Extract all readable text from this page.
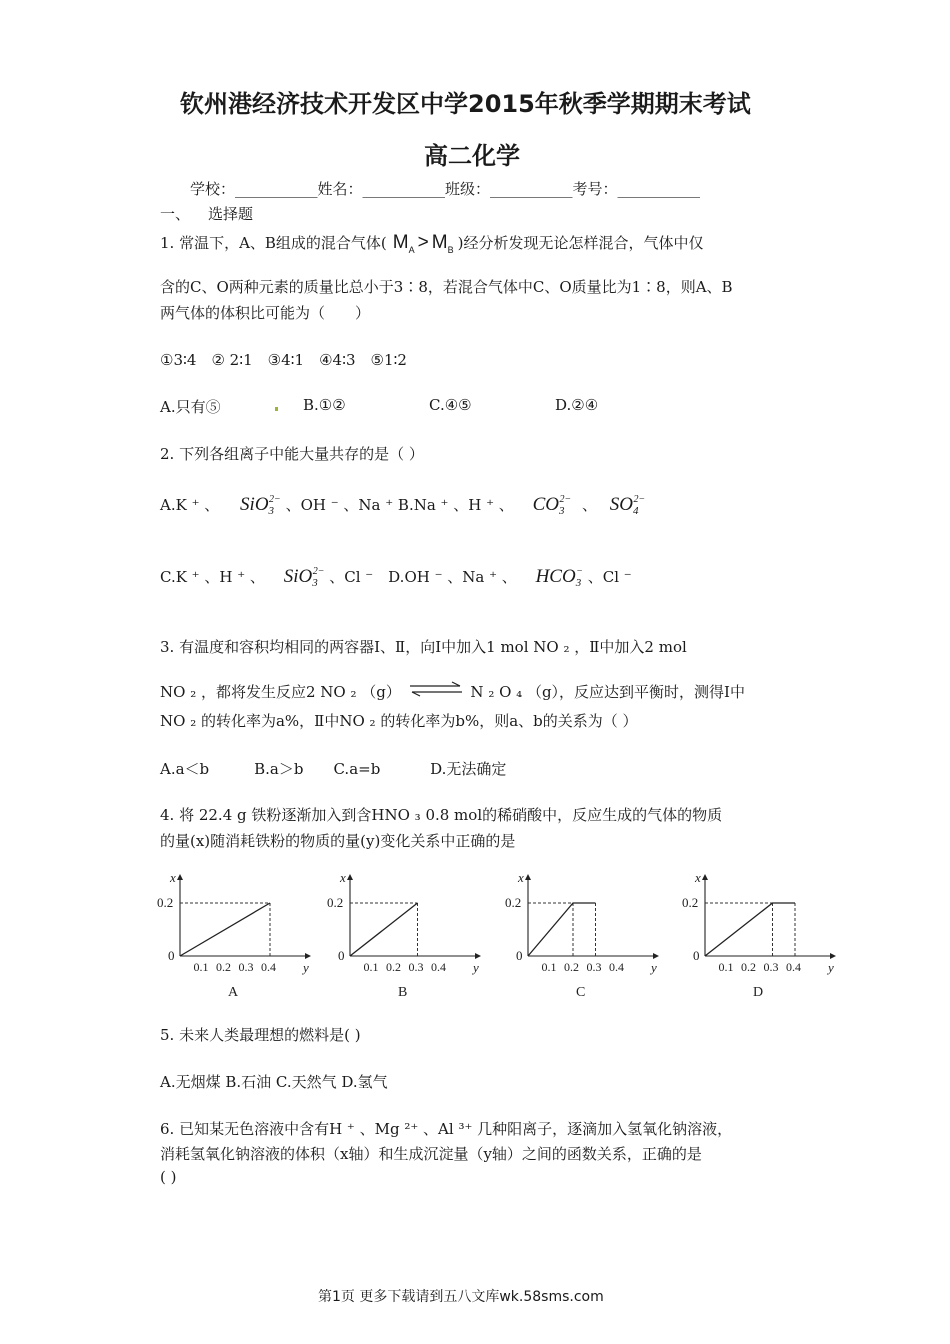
钦州港经济技术开发区中学2015年秋季学期期末考试
高二化学
学校：___________姓名：___________班级：___________考号：___________
一、 选择题
1. 常温下，A、B组成的混合气体( $M_A > M_B$ )经分析发现无论怎样混合，气体中仅
含的C、O两种元素的质量比总小于3∶8，若混合气体中C、O质量比为1∶8，则A、B
两气体的体积比可能为（　　）
①3∶4　② 2∶1　③4∶1　④4∶3　⑤1∶2
A.只有⑤	B.①②	C.④⑤	D.②④
2. 下列各组离子中能大量共存的是（ ）
A.K ⁺ 、 SiO$_3^{2-}$ 、OH ⁻ 、Na ⁺ B.Na ⁺ 、H ⁺ 、 $CO_3^{2-}$ 、 $SO_4^{2-}$
C.K ⁺ 、H ⁺ 、 SiO$_3^{2-}$ 、Cl ⁻　D.OH ⁻ 、Na ⁺ 、 $HCO_3^-$ 、Cl ⁻
3. 有温度和容积均相同的两容器Ⅰ、Ⅱ，向Ⅰ中加入1 mol NO ₂ ，Ⅱ中加入2 mol
NO ₂ ，都将发生反应2 NO ₂ （g） ⇌ N ₂ O ₄ （g），反应达到平衡时，测得Ⅰ中
NO ₂ 的转化率为a%，Ⅱ中NO ₂ 的转化率为b%，则a、b的关系为（ ）
A.a＜b　　　B.a＞b　　C.a=b　　　 D.无法确定
4. 将 22.4 g 铁粉逐渐加入到含HNO ₃ 0.8 mol的稀硝酸中，反应生成的气体的物质
的量(x)随消耗铁粉的物质的量(y)变化关系中正确的是
x
y
0
0.2
0.1 0.2 0.3 0.4
A
x
y
0
0.2
0.1 0.2 0.3 0.4
B
x
y
0
0.2
0.1 0.2 0.3 0.4
C
x
y
0
0.2
0.1 0.2 0.3 0.4
D
5. 未来人类最理想的燃料是( )
A.无烟煤 B.石油 C.天然气 D.氢气
6. 已知某无色溶液中含有H ⁺ 、Mg ²⁺ 、Al ³⁺ 几种阳离子，逐滴加入氢氧化钠溶液，
消耗氢氧化钠溶液的体积（x轴）和生成沉淀量（y轴）之间的函数关系，正确的是
( )
第1页 更多下载请到五八文库wk.58sms.com
